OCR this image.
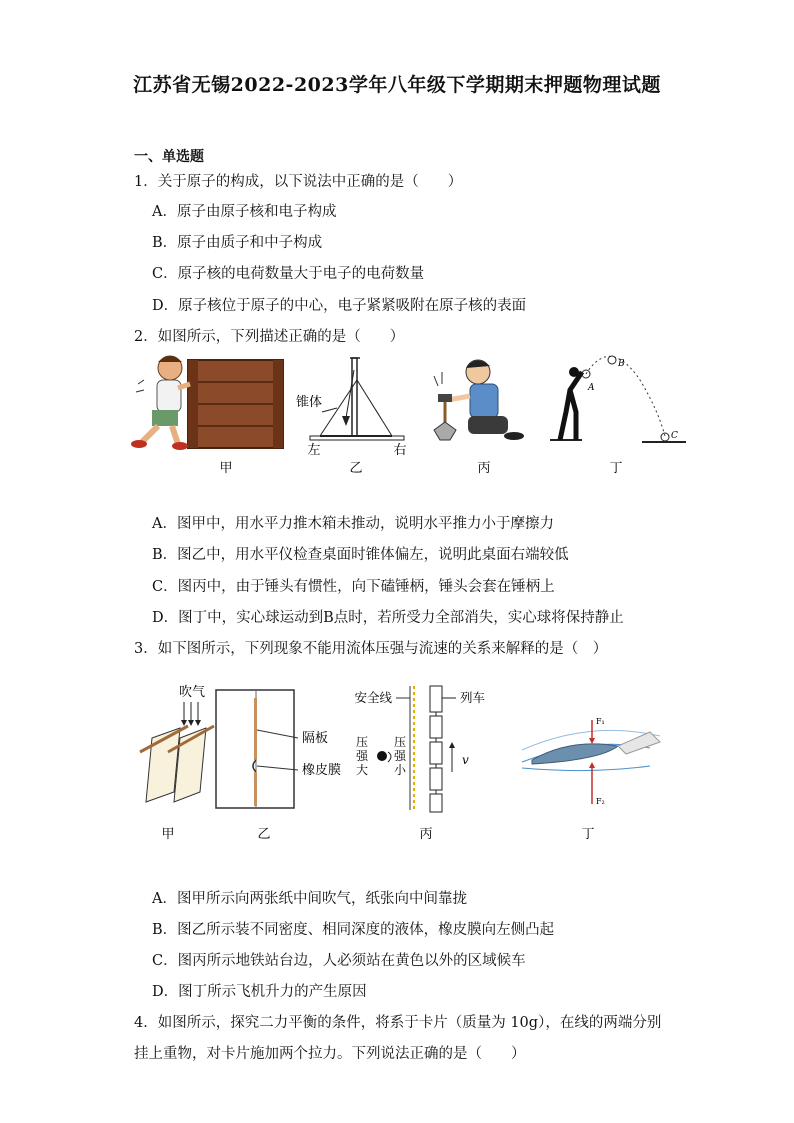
江苏省无锡2022-2023学年八年级下学期期末押题物理试题
一、单选题
1．关于原子的构成，以下说法中正确的是（　　）
A．原子由原子核和电子构成
B．原子由质子和中子构成
C．原子核的电荷数量大于电子的电荷数量
D．原子核位于原子的中心，电子紧紧吸附在原子核的表面
2．如图所示，下列描述正确的是（　　）
甲
锥体
左	右
乙	丙
A
B
C
丁
A．图甲中，用水平力推木箱未推动，说明水平推力小于摩擦力
B．图乙中，用水平仪检查桌面时锥体偏左，说明此桌面右端较低
C．图丙中，由于锤头有惯性，向下磕锤柄，锤头会套在锤柄上
D．图丁中，实心球运动到B点时，若所受力全部消失，实心球将保持静止
3．如下图所示，下列现象不能用流体压强与流速的关系来解释的是（　）
吹气
甲
隔板
橡皮膜
乙
安全线	列车
压
强
大
压
强
小
v
丙
F₁
F₂
丁
A．图甲所示向两张纸中间吹气，纸张向中间靠拢
B．图乙所示装不同密度、相同深度的液体，橡皮膜向左侧凸起
C．图丙所示地铁站台边，人必须站在黄色以外的区域候车
D．图丁所示飞机升力的产生原因
4．如图所示，探究二力平衡的条件，将系于卡片（质量为 10g），在线的两端分别挂上重物，对卡片施加两个拉力。下列说法正确的是（　　）
